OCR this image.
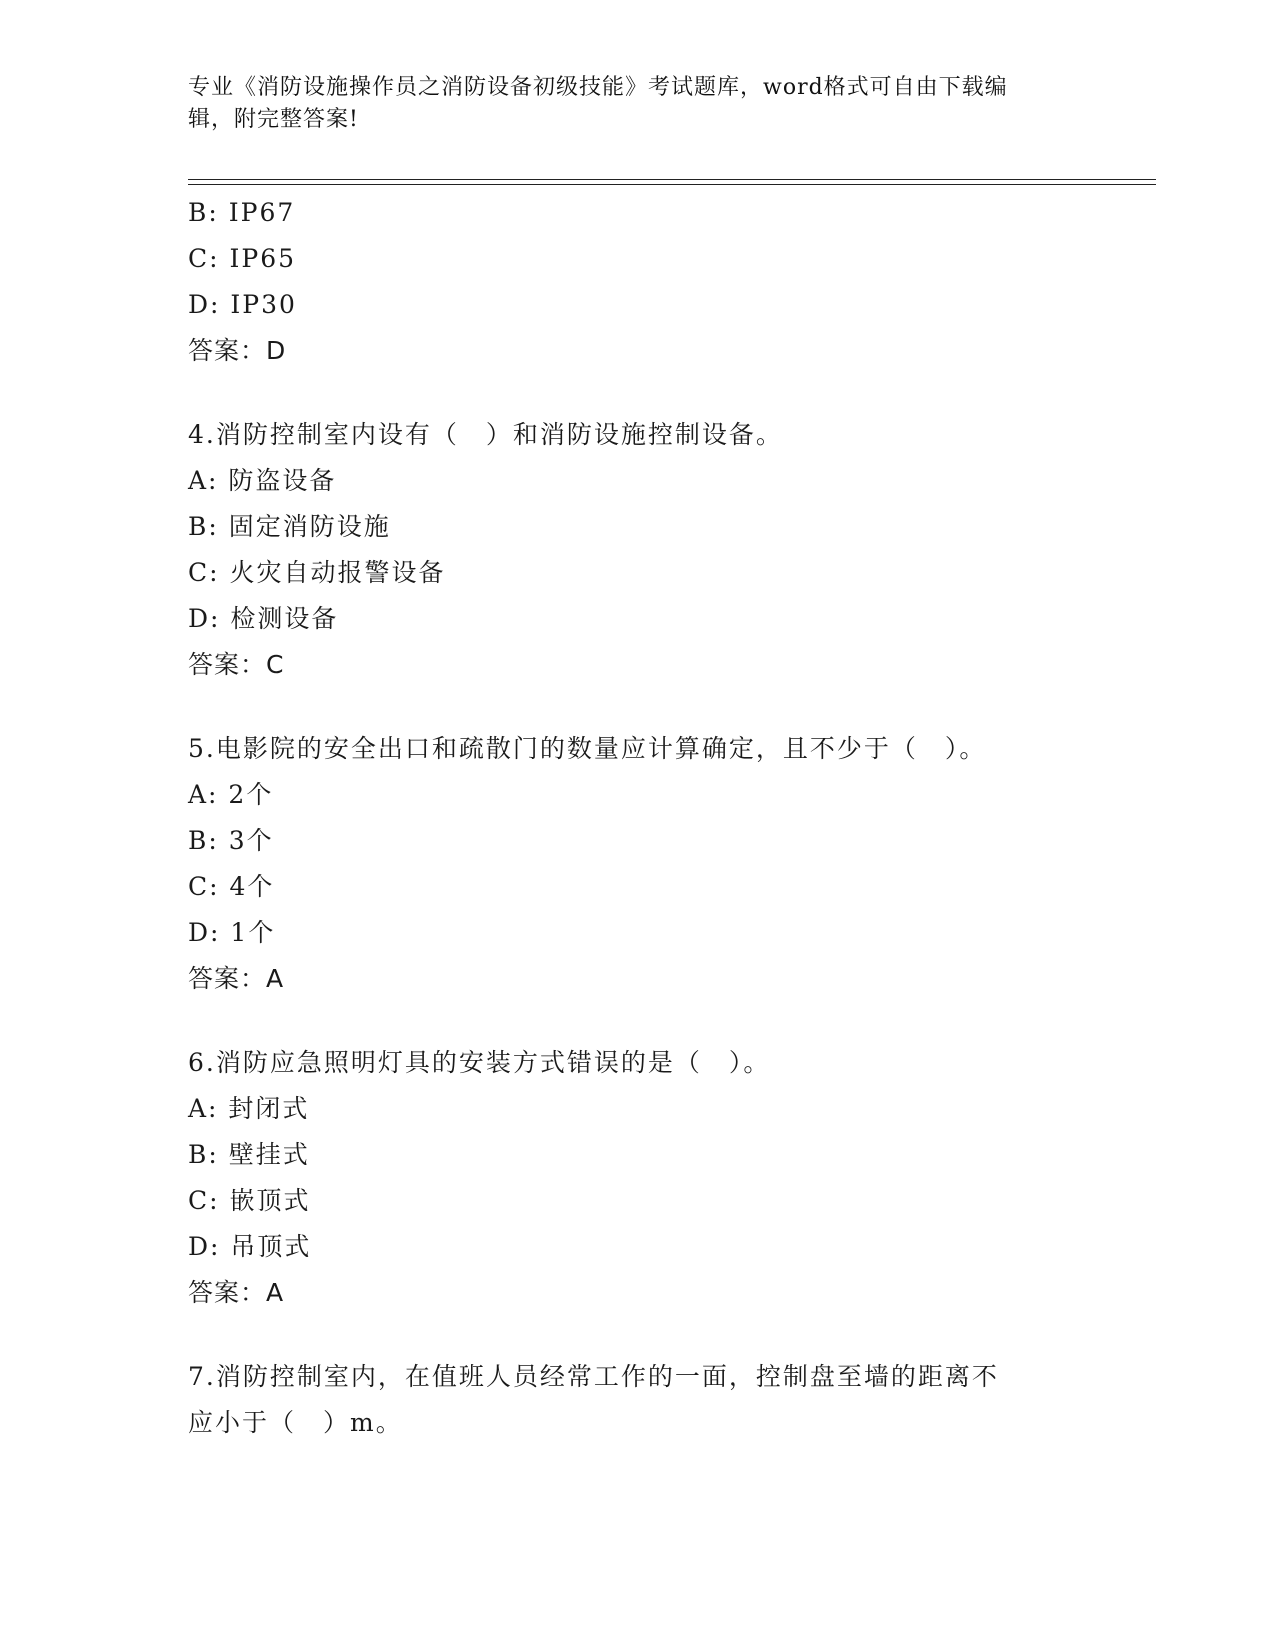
专业《消防设施操作员之消防设备初级技能》考试题库，word格式可自由下载编
辑，附完整答案!
B: IP67
C: IP65
D: IP30
答案：D
4.消防控制室内设有（　）和消防设施控制设备。
A: 防盗设备
B: 固定消防设施
C: 火灾自动报警设备
D: 检测设备
答案：C
5.电影院的安全出口和疏散门的数量应计算确定，且不少于（　）。
A: 2个
B: 3个
C: 4个
D: 1个
答案：A
6.消防应急照明灯具的安装方式错误的是（　）。
A: 封闭式
B: 壁挂式
C: 嵌顶式
D: 吊顶式
答案：A
7.消防控制室内，在值班人员经常工作的一面，控制盘至墙的距离不
应小于（　）m。
